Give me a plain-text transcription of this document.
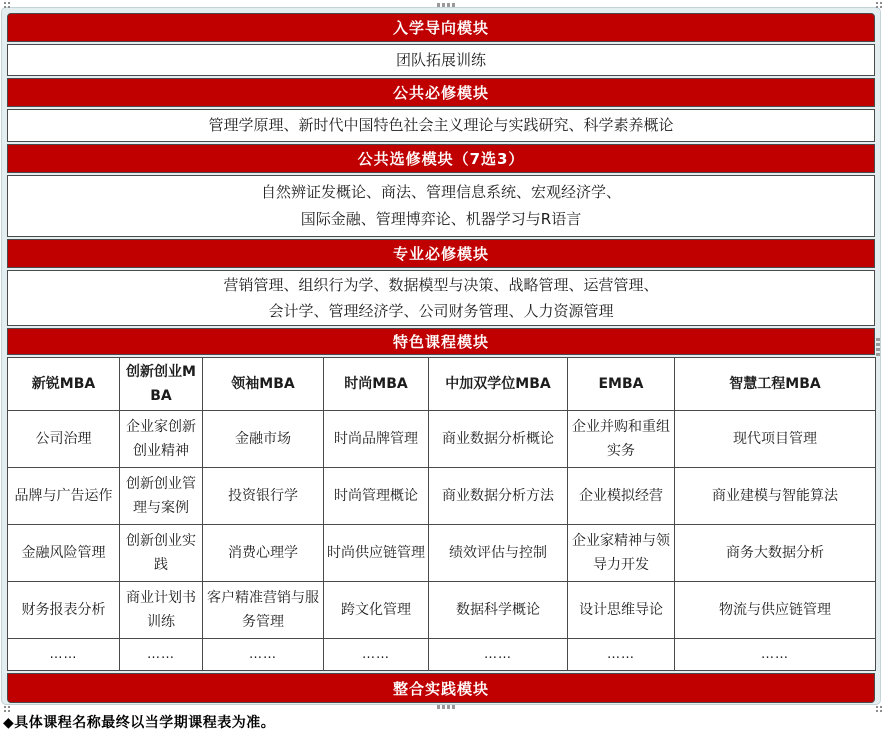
入学导向模块
团队拓展训练
公共必修模块
管理学原理、新时代中国特色社会主义理论与实践研究、科学素养概论
公共选修模块（7选3）
自然辨证发概论、商法、管理信息系统、宏观经济学、
国际金融、管理博弈论、机器学习与R语言
专业必修模块
营销管理、组织行为学、数据模型与决策、战略管理、运营管理、
会计学、管理经济学、公司财务管理、人力资源管理
特色课程模块
新锐MBA	创新创业MBA	领袖MBA	时尚MBA	中加双学位MBA	EMBA	智慧工程MBA
公司治理	企业家创新创业精神	金融市场	时尚品牌管理	商业数据分析概论	企业并购和重组实务	现代项目管理
品牌与广告运作	创新创业管理与案例	投资银行学	时尚管理概论	商业数据分析方法	企业模拟经营	商业建模与智能算法
金融风险管理	创新创业实践	消费心理学	时尚供应链管理	绩效评估与控制	企业家精神与领导力开发	商务大数据分析
财务报表分析	商业计划书训练	客户精准营销与服务管理	跨文化管理	数据科学概论	设计思维导论	物流与供应链管理
……	……	……	……	……	……	……
整合实践模块
◆具体课程名称最终以当学期课程表为准。
